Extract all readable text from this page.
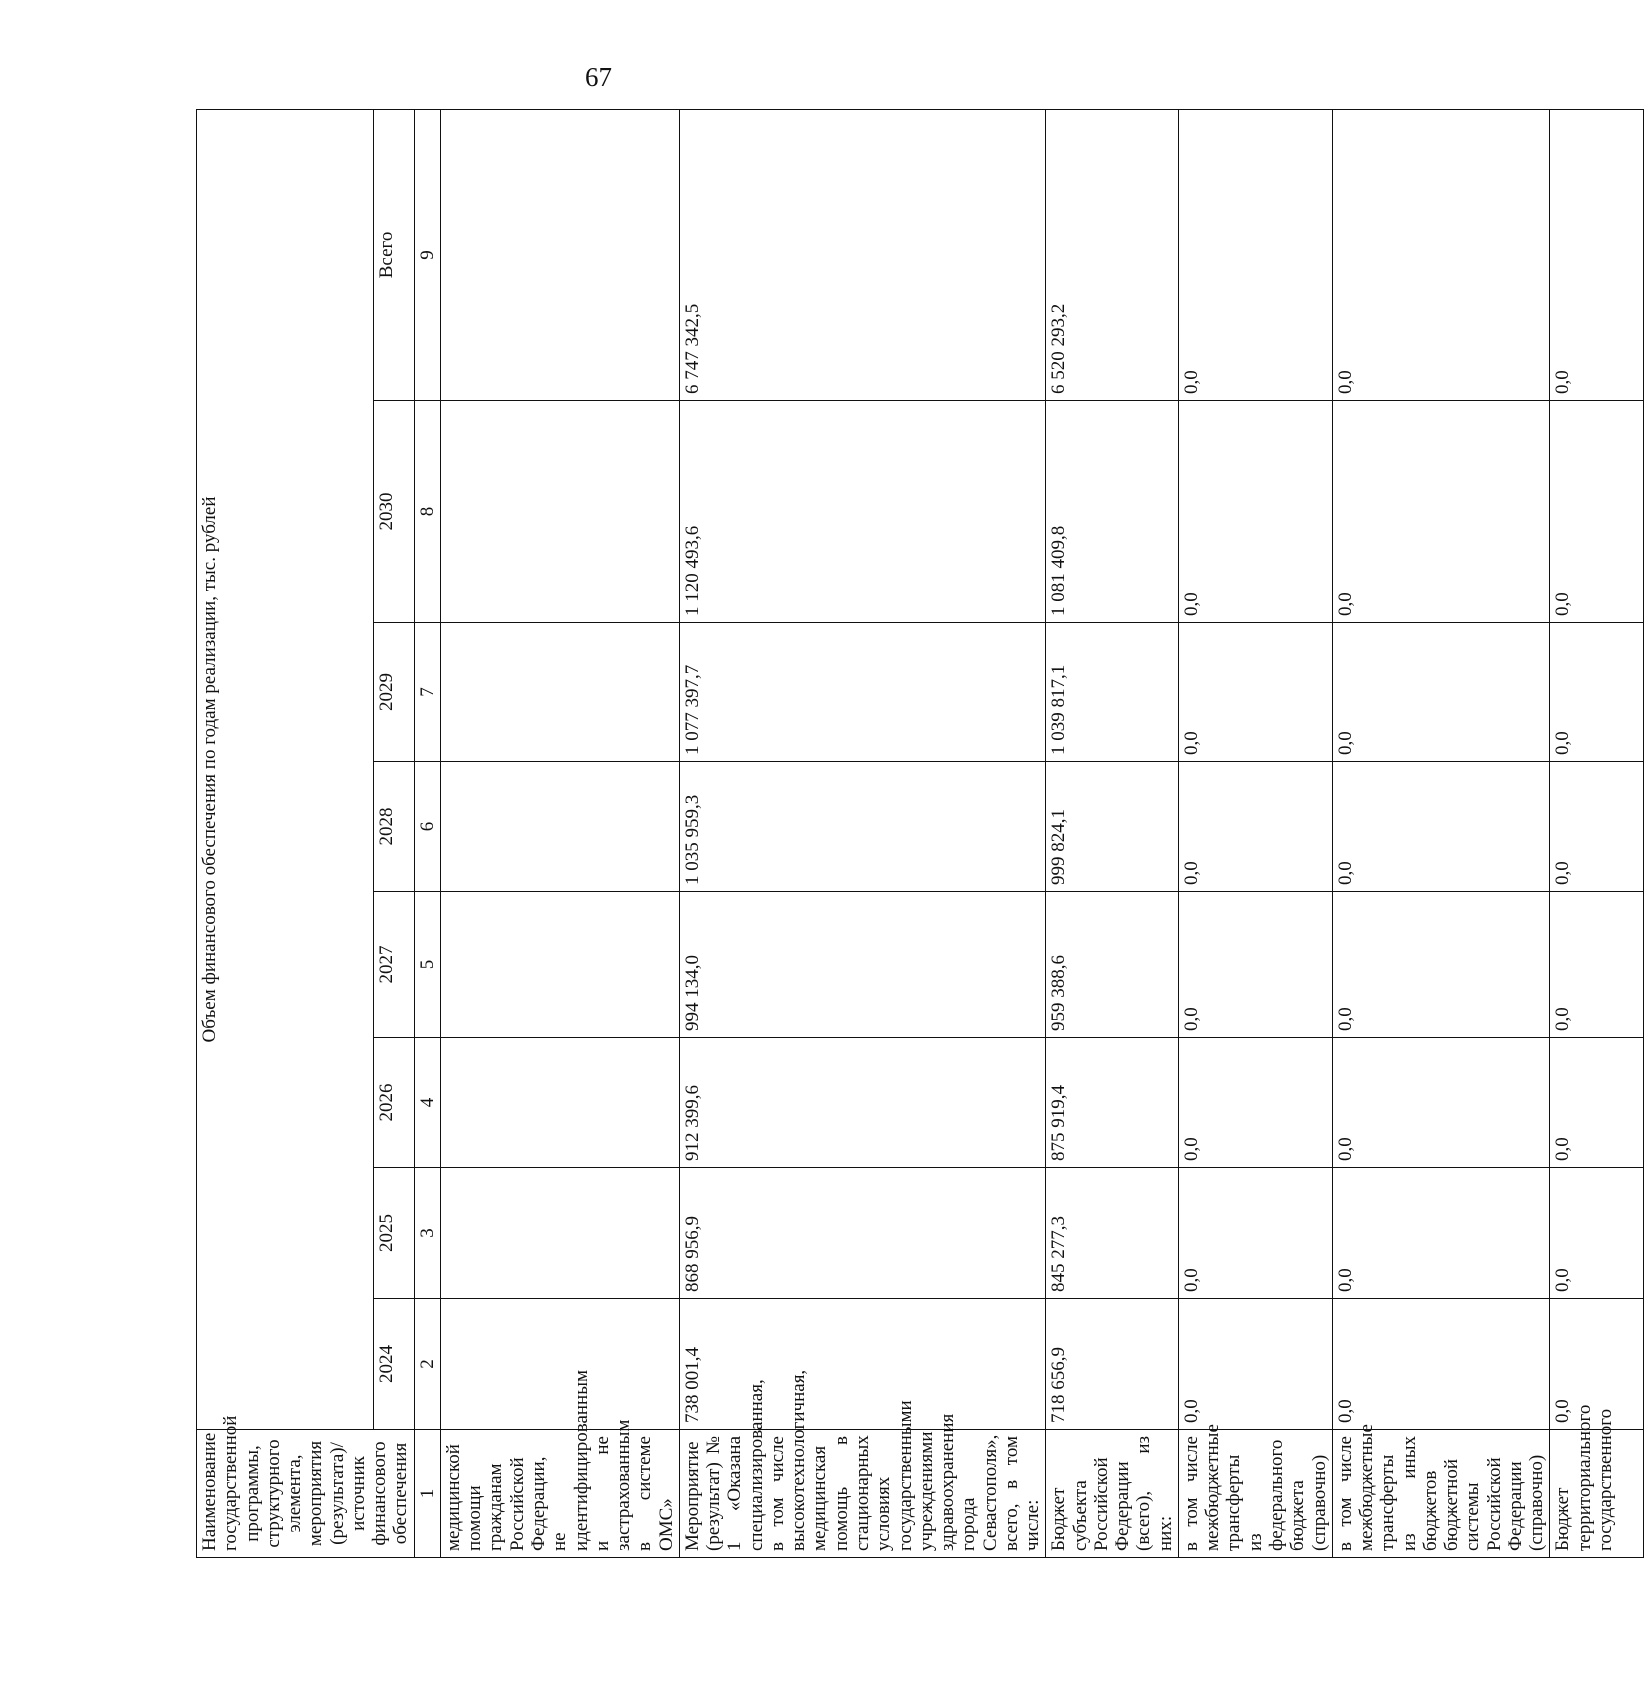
67
Наименование государственной программы, структурного элемента, мероприятия (результата)/источник финансового обеспечения	Объем финансового обеспечения по годам реализации, тыс. рублей							
	2024	2025	2026	2027	2028	2029	2030	Всего
1	2	3	4	5	6	7	8	9
медицинской помощи гражданам Российской Федерации, не идентифицированным и не застрахованным в системе ОМС»								
Мероприятие (результат) № 1 «Оказана специализированная, в том числе высокотехнологичная, медицинская помощь в стационарных условиях государственными учреждениями здравоохранения города Севастополя», всего, в том числе:	738 001,4	868 956,9	912 399,6	994 134,0	1 035 959,3	1 077 397,7	1 120 493,6	6 747 342,5
Бюджет субъекта Российской Федерации (всего), из них:	718 656,9	845 277,3	875 919,4	959 388,6	999 824,1	1 039 817,1	1 081 409,8	6 520 293,2
в том числе межбюджетные трансферты из федерального бюджета (справочно)	0,0	0,0	0,0	0,0	0,0	0,0	0,0	0,0
в том числе межбюджетные трансферты из иных бюджетов бюджетной системы Российской Федерации (справочно)	0,0	0,0	0,0	0,0	0,0	0,0	0,0	0,0
Бюджет территориального государственного	0,0	0,0	0,0	0,0	0,0	0,0	0,0	0,0
